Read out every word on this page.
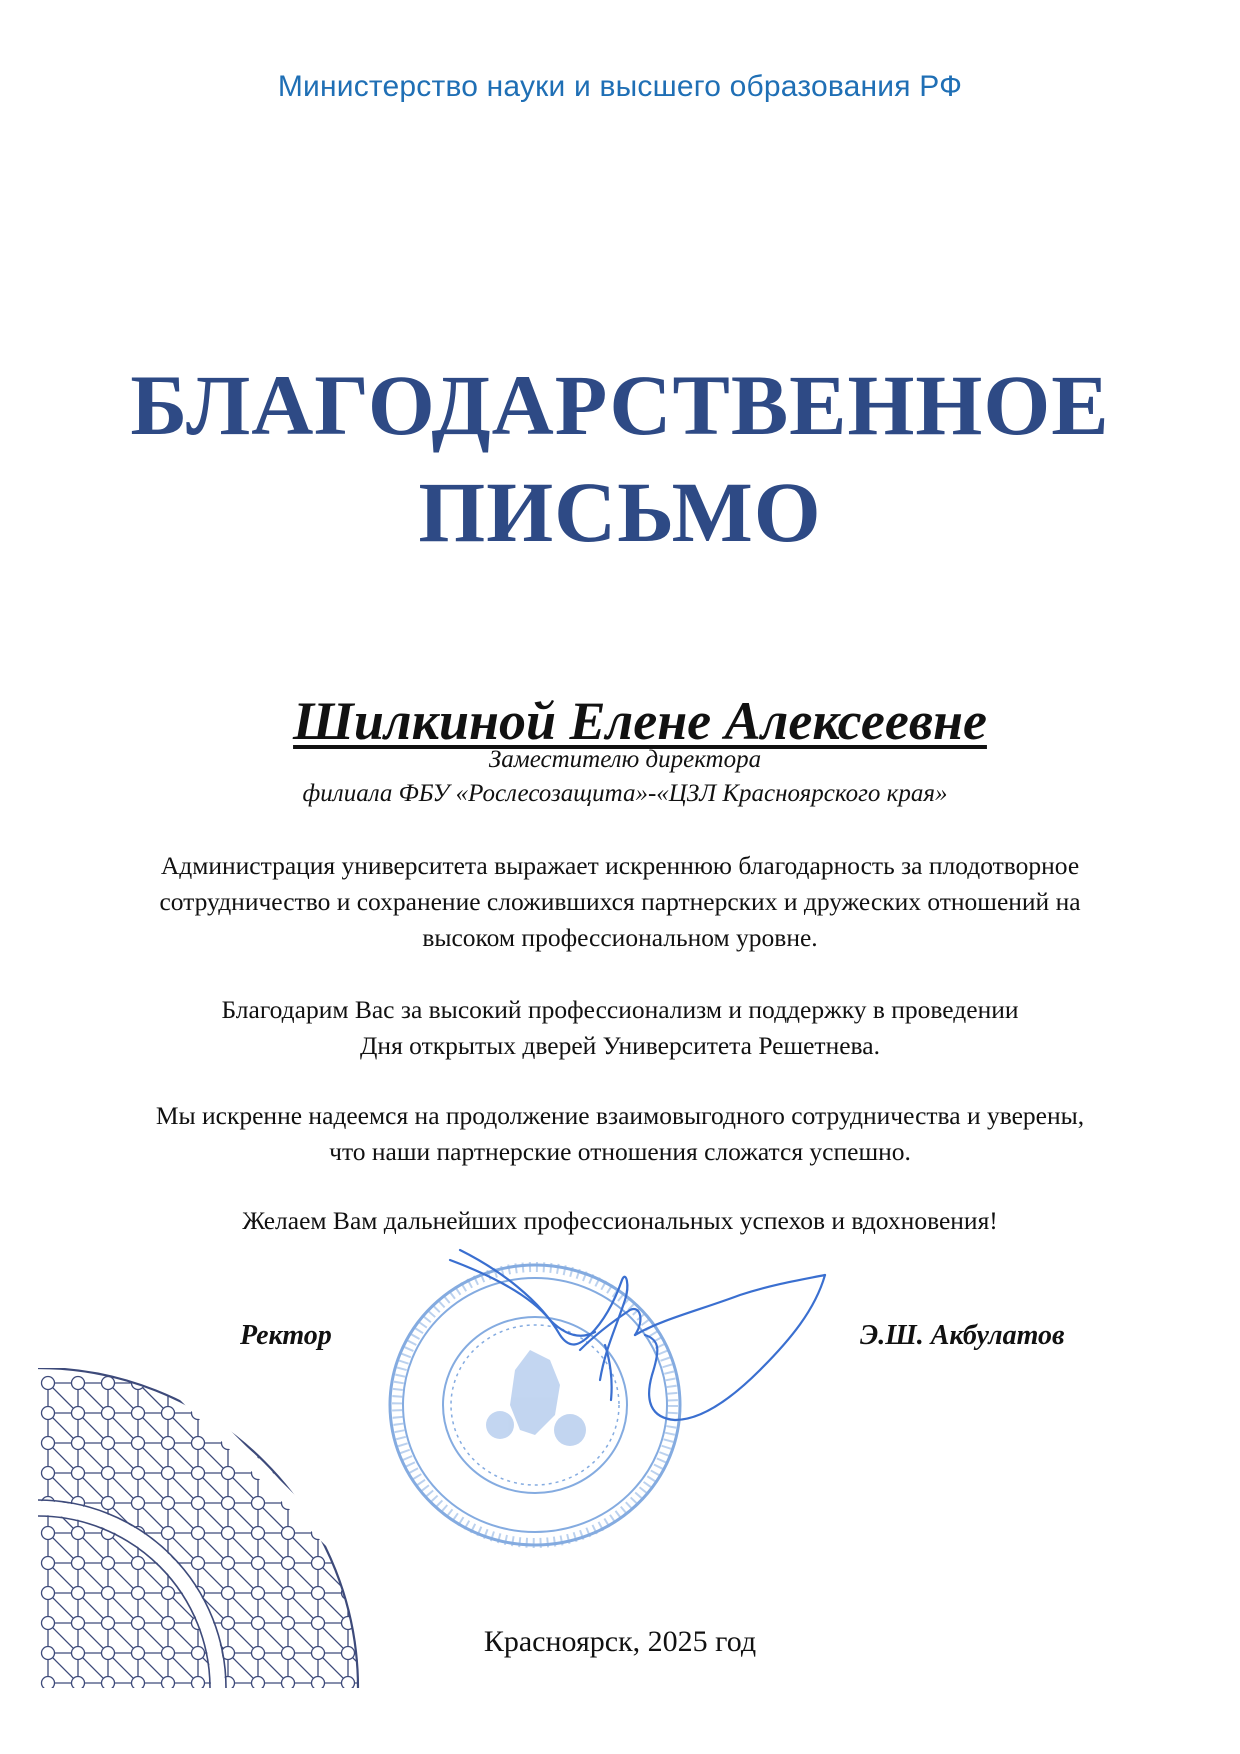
Министерство науки и высшего образования РФ
БЛАГОДАРСТВЕННОЕ
ПИСЬМО
Шилкиной Елене Алексеевне
Заместителю директора
филиала ФБУ «Рослесозащита»-«ЦЗЛ Красноярского края»
Администрация университета выражает искреннюю благодарность за плодотворное
сотрудничество и сохранение сложившихся партнерских и дружеских отношений на
высоком профессиональном уровне.
Благодарим Вас за высокий профессионализм и поддержку в проведении
Дня открытых дверей Университета Решетнева.
Мы искренне надеемся на продолжение взаимовыгодного сотрудничества и уверены,
что наши партнерские отношения сложатся успешно.
Желаем Вам дальнейших профессиональных успехов и вдохновения!
Ректор	Э.Ш. Акбулатов
Красноярск, 2025 год
